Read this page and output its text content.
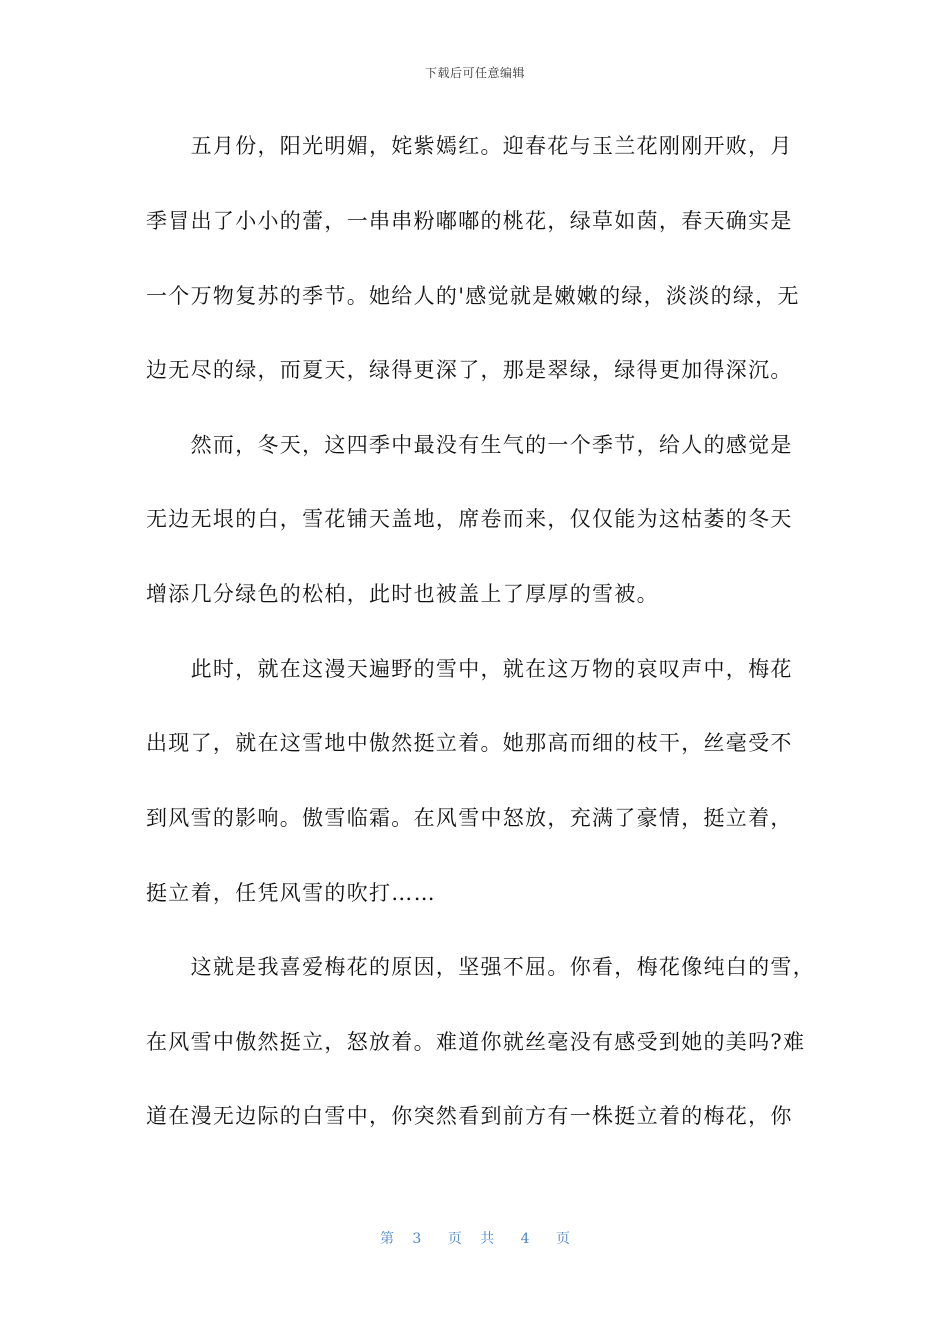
下载后可任意编辑
　　五月份，阳光明媚，姹紫嫣红。迎春花与玉兰花刚刚开败，月
季冒出了小小的蕾，一串串粉嘟嘟的桃花，绿草如茵，春天确实是
一个万物复苏的季节。她给人的'感觉就是嫩嫩的绿，淡淡的绿，无
边无尽的绿，而夏天，绿得更深了，那是翠绿，绿得更加得深沉。
　　然而，冬天，这四季中最没有生气的一个季节，给人的感觉是
无边无垠的白，雪花铺天盖地，席卷而来，仅仅能为这枯萎的冬天
增添几分绿色的松柏，此时也被盖上了厚厚的雪被。
　　此时，就在这漫天遍野的雪中，就在这万物的哀叹声中，梅花
出现了，就在这雪地中傲然挺立着。她那高而细的枝干，丝毫受不
到风雪的影响。傲雪临霜。在风雪中怒放，充满了豪情，挺立着，
挺立着，任凭风雪的吹打……
　　这就是我喜爱梅花的原因，坚强不屈。你看，梅花像纯白的雪，
在风雪中傲然挺立，怒放着。难道你就丝毫没有感受到她的美吗?难
道在漫无边际的白雪中，你突然看到前方有一株挺立着的梅花，你
第 3 页 共 4 页
